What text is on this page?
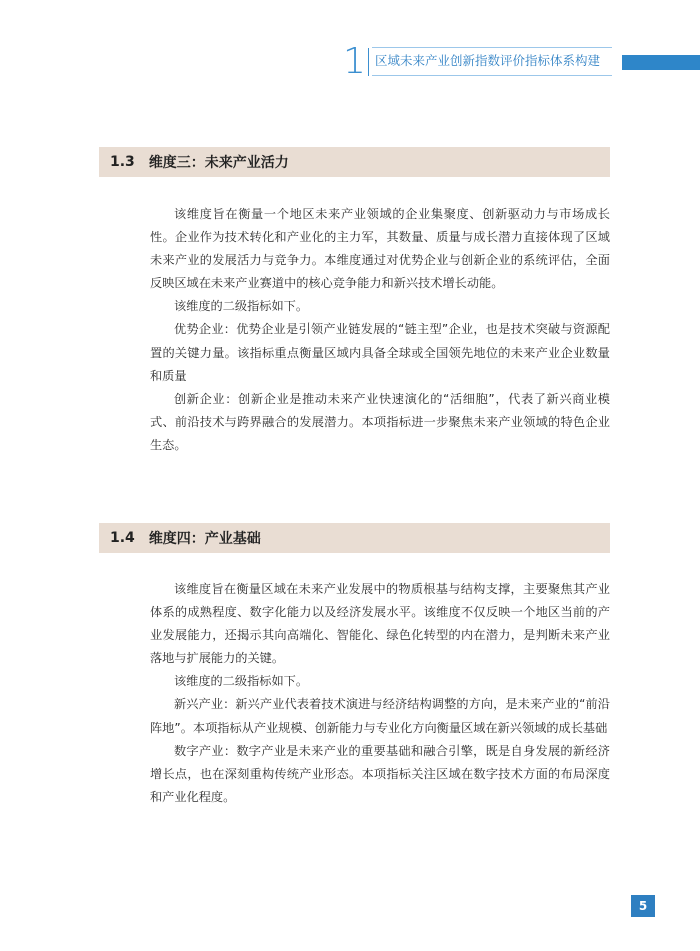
1 区域未来产业创新指数评价指标体系构建
1.3 维度三：未来产业活力

该维度旨在衡量一个地区未来产业领域的企业集聚度、创新驱动力与市场成长性。企业作为技术转化和产业化的主力军，其数量、质量与成长潜力直接体现了区域未来产业的发展活力与竞争力。本维度通过对优势企业与创新企业的系统评估，全面反映区域在未来产业赛道中的核心竞争能力和新兴技术增长动能。

该维度的二级指标如下。

优势企业：优势企业是引领产业链发展的“链主型”企业，也是技术突破与资源配置的关键力量。该指标重点衡量区域内具备全球或全国领先地位的未来产业企业数量和质量

创新企业：创新企业是推动未来产业快速演化的“活细胞”，代表了新兴商业模式、前沿技术与跨界融合的发展潜力。本项指标进一步聚焦未来产业领域的特色企业生态。

1.4 维度四：产业基础

该维度旨在衡量区域在未来产业发展中的物质根基与结构支撑，主要聚焦其产业体系的成熟程度、数字化能力以及经济发展水平。该维度不仅反映一个地区当前的产业发展能力，还揭示其向高端化、智能化、绿色化转型的内在潜力，是判断未来产业落地与扩展能力的关键。

该维度的二级指标如下。

新兴产业：新兴产业代表着技术演进与经济结构调整的方向，是未来产业的“前沿阵地”。本项指标从产业规模、创新能力与专业化方向衡量区域在新兴领域的成长基础

数字产业：数字产业是未来产业的重要基础和融合引擎，既是自身发展的新经济增长点，也在深刻重构传统产业形态。本项指标关注区域在数字技术方面的布局深度和产业化程度。

5
